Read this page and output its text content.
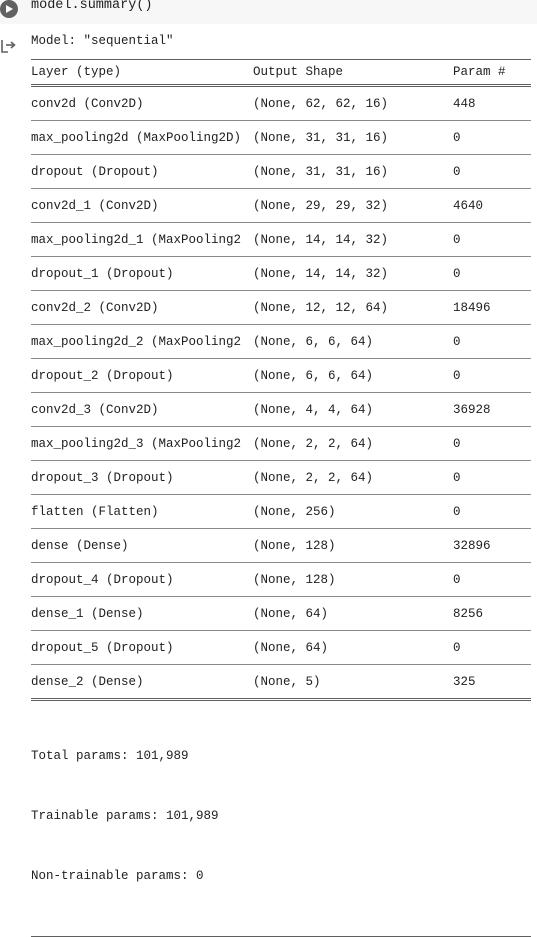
model.summary()
Model: "sequential"
Layer (type)	Output Shape	Param #
conv2d (Conv2D)	(None, 62, 62, 16)	448
max_pooling2d (MaxPooling2D) (None, 31, 31, 16)	0
dropout (Dropout)	(None, 31, 31, 16)	0
conv2d_1 (Conv2D)	(None, 29, 29, 32)	4640
max_pooling2d_1 (MaxPooling2 (None, 14, 14, 32)	0
dropout_1 (Dropout)	(None, 14, 14, 32)	0
conv2d_2 (Conv2D)	(None, 12, 12, 64)	18496
max_pooling2d_2 (MaxPooling2 (None, 6, 6, 64)	0
dropout_2 (Dropout)	(None, 6, 6, 64)	0
conv2d_3 (Conv2D)	(None, 4, 4, 64)	36928
max_pooling2d_3 (MaxPooling2 (None, 2, 2, 64)	0
dropout_3 (Dropout)	(None, 2, 2, 64)	0
flatten (Flatten)	(None, 256)	0
dense (Dense)	(None, 128)	32896
dropout_4 (Dropout)	(None, 128)	0
dense_1 (Dense)	(None, 64)	8256
dropout_5 (Dropout)	(None, 64)	0
dense_2 (Dense)	(None, 5)	325

Total params: 101,989

Trainable params: 101,989

Non-trainable params: 0
